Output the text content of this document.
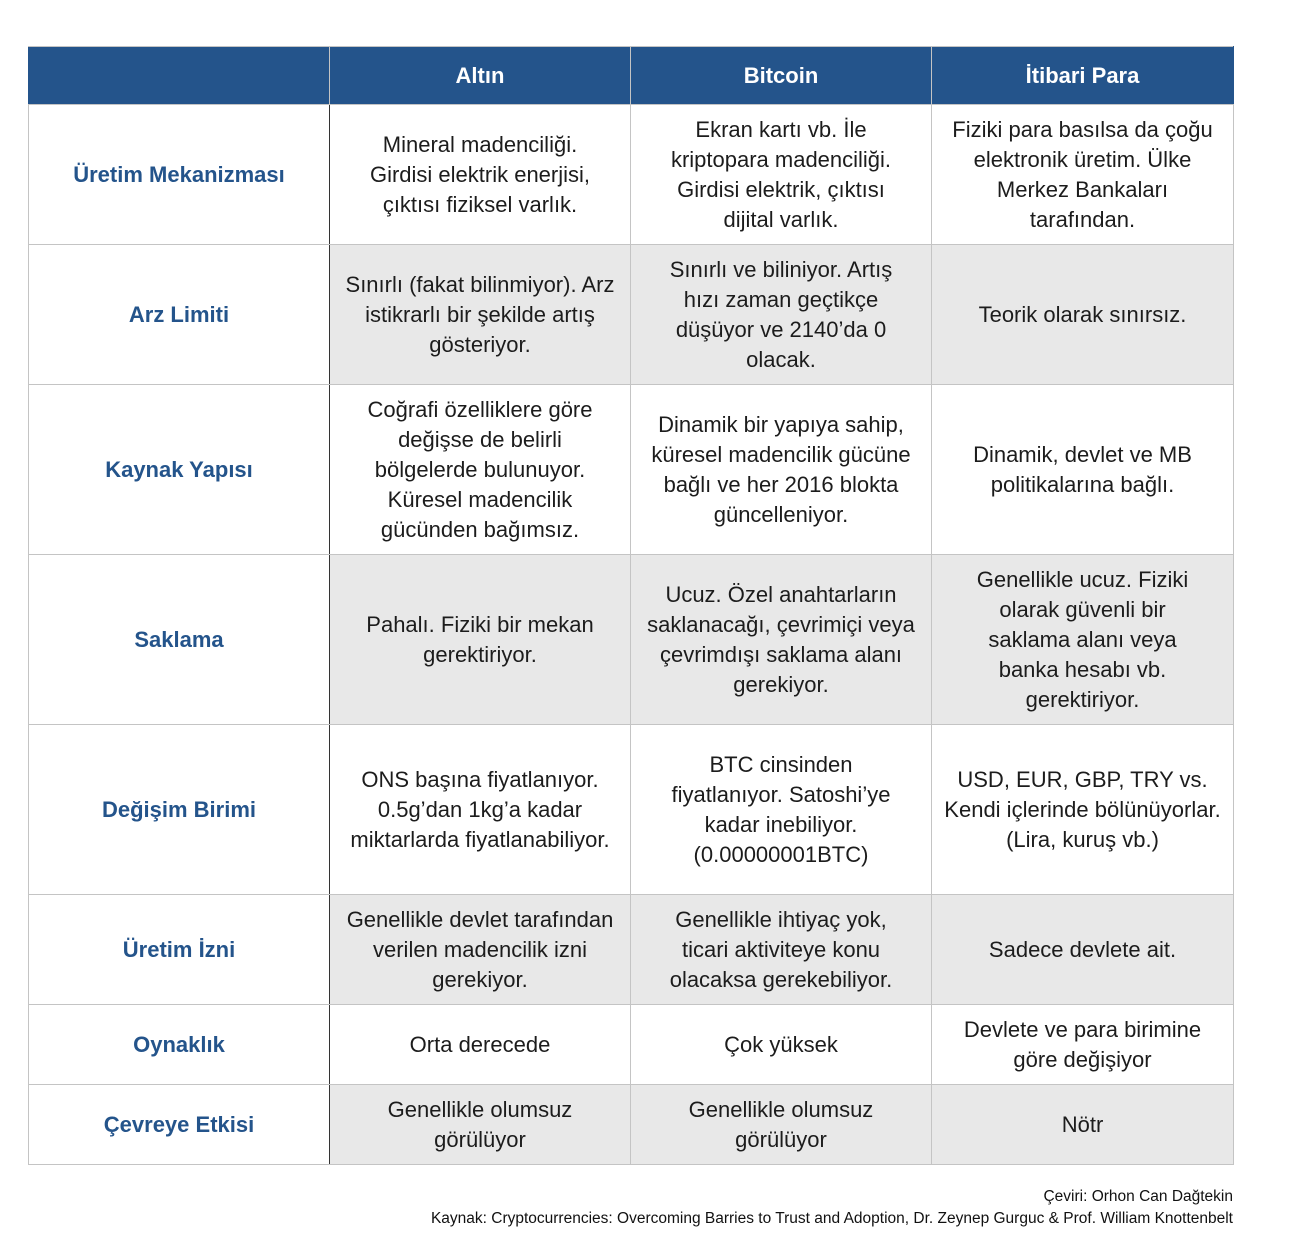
	Altın	Bitcoin	İtibari Para
Üretim Mekanizması	Mineral madenciliği. Girdisi elektrik enerjisi, çıktısı fiziksel varlık.	Ekran kartı vb. İle kriptopara madenciliği. Girdisi elektrik, çıktısı dijital varlık.	Fiziki para basılsa da çoğu elektronik üretim. Ülke Merkez Bankaları tarafından.
Arz Limiti	Sınırlı (fakat bilinmiyor). Arz istikrarlı bir şekilde artış gösteriyor.	Sınırlı ve biliniyor. Artış hızı zaman geçtikçe düşüyor ve 2140’da 0 olacak.	Teorik olarak sınırsız.
Kaynak Yapısı	Coğrafi özelliklere göre değişse de belirli bölgelerde bulunuyor. Küresel madencilik gücünden bağımsız.	Dinamik bir yapıya sahip, küresel madencilik gücüne bağlı ve her 2016 blokta güncelleniyor.	Dinamik, devlet ve MB politikalarına bağlı.
Saklama	Pahalı. Fiziki bir mekan gerektiriyor.	Ucuz. Özel anahtarların saklanacağı, çevrimiçi veya çevrimdışı saklama alanı gerekiyor.	Genellikle ucuz. Fiziki olarak güvenli bir saklama alanı veya banka hesabı vb. gerektiriyor.
Değişim Birimi	ONS başına fiyatlanıyor. 0.5g’dan 1kg’a kadar miktarlarda fiyatlanabiliyor.	BTC cinsinden fiyatlanıyor. Satoshi’ye kadar inebiliyor. (0.00000001BTC)	USD, EUR, GBP, TRY vs. Kendi içlerinde bölünüyorlar. (Lira, kuruş vb.)
Üretim İzni	Genellikle devlet tarafından verilen madencilik izni gerekiyor.	Genellikle ihtiyaç yok, ticari aktiviteye konu olacaksa gerekebiliyor.	Sadece devlete ait.
Oynaklık	Orta derecede	Çok yüksek	Devlete ve para birimine göre değişiyor
Çevreye Etkisi	Genellikle olumsuz görülüyor	Genellikle olumsuz görülüyor	Nötr
Çeviri: Orhon Can Dağtekin
Kaynak: Cryptocurrencies: Overcoming Barries to Trust and Adoption, Dr. Zeynep Gurguc & Prof. William Knottenbelt
